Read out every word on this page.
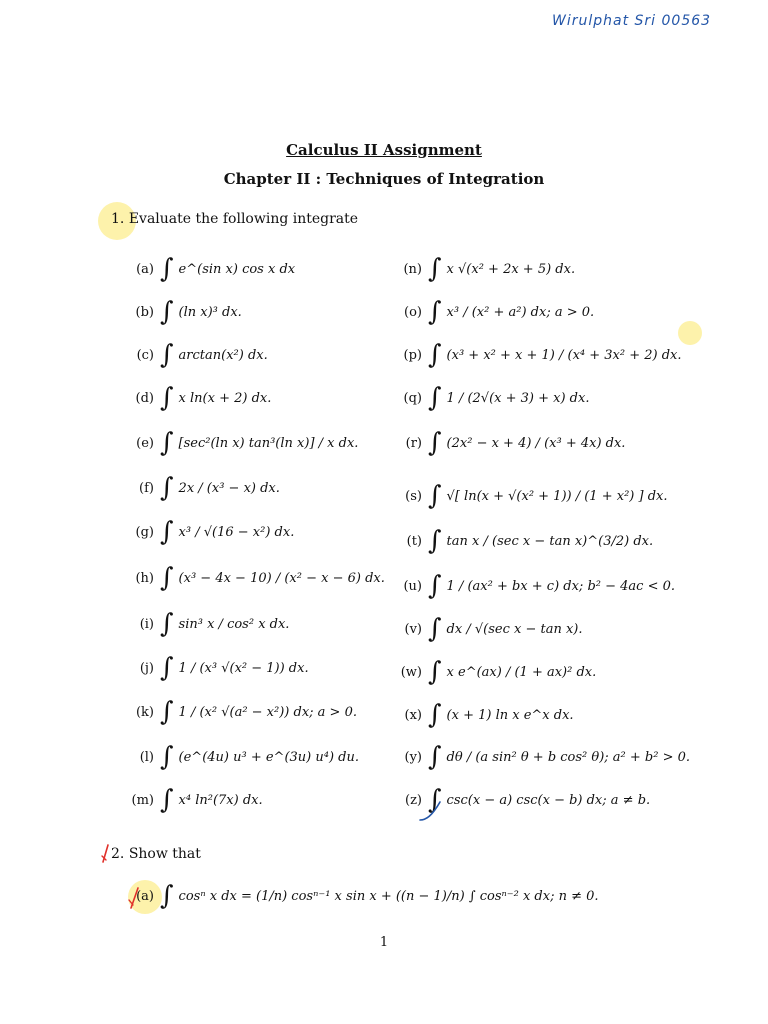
Wirulphat Sri 00563
Calculus II Assignment
Chapter II : Techniques of Integration
1. Evaluate the following integrate
(a) ∫ e^(sin x) cos x dx
(b) ∫ (ln x)³ dx.
(c) ∫ arctan(x²) dx.
(d) ∫ x ln(x + 2) dx.
(e) ∫ [sec²(ln x) tan³(ln x)] / x dx.
(f) ∫ 2x / (x³ − x) dx.
(g) ∫ x³ / √(16 − x²) dx.
(h) ∫ (x³ − 4x − 10) / (x² − x − 6) dx.
(i) ∫ sin³ x / cos² x dx.
(j) ∫ 1 / (x³ √(x² − 1)) dx.
(k) ∫ 1 / (x² √(a² − x²)) dx; a > 0.
(l) ∫ (e^(4u) u³ + e^(3u) u⁴) du.
(m) ∫ x⁴ ln²(7x) dx.
(n) ∫ x √(x² + 2x + 5) dx.
(o) ∫ x³ / (x² + a²) dx; a > 0.
(p) ∫ (x³ + x² + x + 1) / (x⁴ + 3x² + 2) dx.
(q) ∫ 1 / (2√(x + 3) + x) dx.
(r) ∫ (2x² − x + 4) / (x³ + 4x) dx.
(s) ∫ √[ ln(x + √(x² + 1)) / (1 + x²) ] dx.
(t) ∫ tan x / (sec x − tan x)^(3/2) dx.
(u) ∫ 1 / (ax² + bx + c) dx; b² − 4ac < 0.
(v) ∫ dx / √(sec x − tan x).
(w) ∫ x e^(ax) / (1 + ax)² dx.
(x) ∫ (x + 1) ln x e^x dx.
(y) ∫ dθ / (a sin² θ + b cos² θ); a² + b² > 0.
(z) ∫ csc(x − a) csc(x − b) dx; a ≠ b.
2. Show that
(a) ∫ cosⁿ x dx = (1/n) cosⁿ⁻¹ x sin x + ((n − 1)/n) ∫ cosⁿ⁻² x dx; n ≠ 0.
1
